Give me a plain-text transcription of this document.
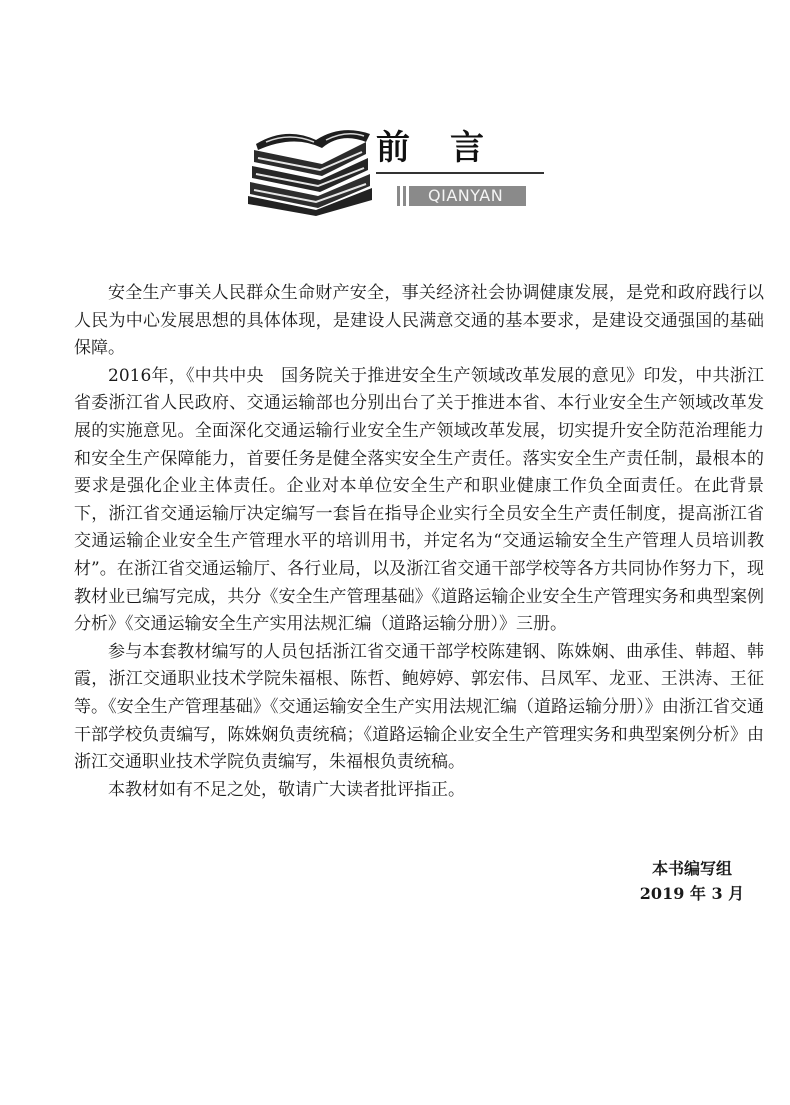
前言
QIANYAN

安全生产事关人民群众生命财产安全，事关经济社会协调健康发展，是党和政府践行以人民为中心发展思想的具体体现，是建设人民满意交通的基本要求，是建设交通强国的基础保障。

2016年，《中共中央　国务院关于推进安全生产领域改革发展的意见》印发，中共浙江省委浙江省人民政府、交通运输部也分别出台了关于推进本省、本行业安全生产领域改革发展的实施意见。全面深化交通运输行业安全生产领域改革发展，切实提升安全防范治理能力和安全生产保障能力，首要任务是健全落实安全生产责任。落实安全生产责任制，最根本的要求是强化企业主体责任。企业对本单位安全生产和职业健康工作负全面责任。在此背景下，浙江省交通运输厅决定编写一套旨在指导企业实行全员安全生产责任制度，提高浙江省交通运输企业安全生产管理水平的培训用书，并定名为“交通运输安全生产管理人员培训教材”。在浙江省交通运输厅、各行业局，以及浙江省交通干部学校等各方共同协作努力下，现教材业已编写完成，共分《安全生产管理基础》《道路运输企业安全生产管理实务和典型案例分析》《交通运输安全生产实用法规汇编（道路运输分册）》三册。

参与本套教材编写的人员包括浙江省交通干部学校陈建钢、陈姝娴、曲承佳、韩超、韩霞，浙江交通职业技术学院朱福根、陈哲、鲍婷婷、郭宏伟、吕凤军、龙亚、王洪涛、王征等。《安全生产管理基础》《交通运输安全生产实用法规汇编（道路运输分册）》由浙江省交通干部学校负责编写，陈姝娴负责统稿；《道路运输企业安全生产管理实务和典型案例分析》由浙江交通职业技术学院负责编写，朱福根负责统稿。

本教材如有不足之处，敬请广大读者批评指正。

本书编写组
2019 年 3 月
